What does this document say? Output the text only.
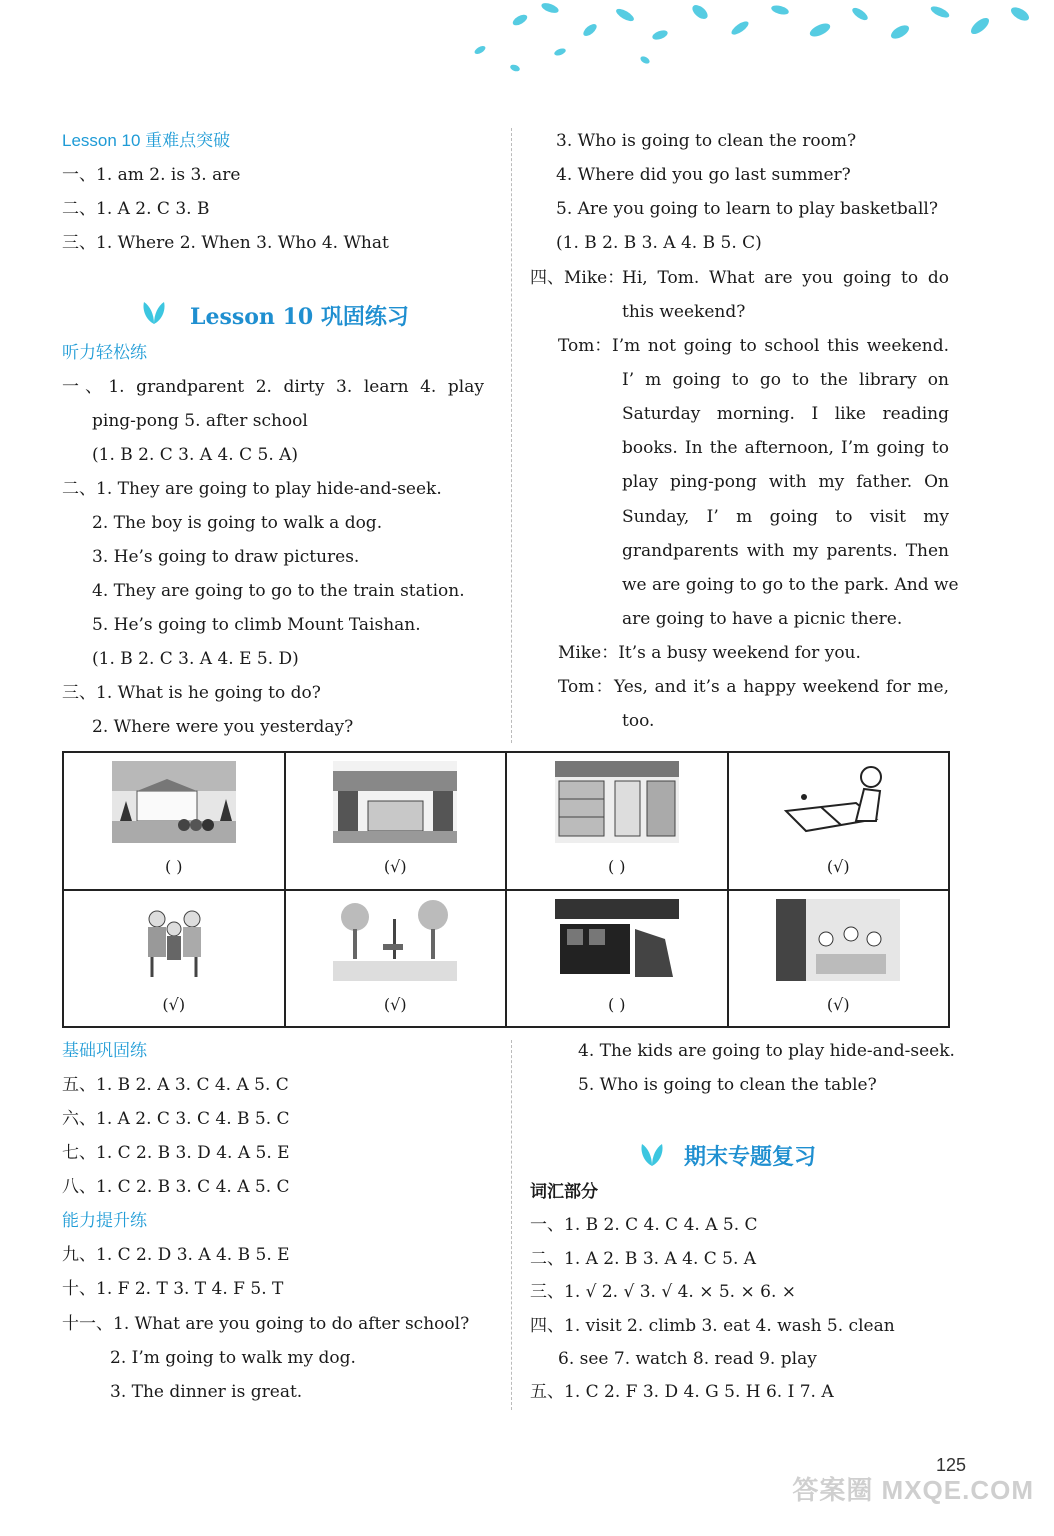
Lesson 10 重难点突破
一、1. am 2. is 3. are
二、1. A 2. C 3. B
三、1. Where 2. When 3. Who 4. What
Lesson 10 巩固练习
听力轻松练
一、1. grandparent 2. dirty 3. learn 4. play
ping-pong 5. after school
(1. B 2. C 3. A 4. C 5. A)
二、1. They are going to play hide-and-seek.
2. The boy is going to walk a dog.
3. He’s going to draw pictures.
4. They are going to go to the train station.
5. He’s going to climb Mount Taishan.
(1. B 2. C 3. A 4. E 5. D)
三、1. What is he going to do?
2. Where were you yesterday?
3. Who is going to clean the room?
4. Where did you go last summer?
5. Are you going to learn to play basketball?
(1. B 2. B 3. A 4. B 5. C)
四、Mike：
Hi, Tom. What are you going to do
this weekend?
Tom： I’m not going to school this weekend.
I’ m going to go to the library on
Saturday morning. I like reading
books. In the afternoon, I’m going to
play ping-pong with my father. On
Sunday, I’ m going to visit my
grandparents with my parents. Then
we are going to go to the park. And we
are going to have a picnic there.
Mike：It’s a busy weekend for you.
Tom：Yes, and it’s a happy weekend for me,
too.
( )	(√)	( )	(√)

(√)	(√)	( )	(√)
基础巩固练
五、1. B 2. A 3. C 4. A 5. C
六、1. A 2. C 3. C 4. B 5. C
七、1. C 2. B 3. D 4. A 5. E
八、1. C 2. B 3. C 4. A 5. C
能力提升练
九、1. C 2. D 3. A 4. B 5. E
十、1. F 2. T 3. T 4. F 5. T
十一、1. What are you going to do after school?
2. I’m going to walk my dog.
3. The dinner is great.
4. The kids are going to play hide-and-seek.
5. Who is going to clean the table?
期末专题复习
词汇部分
一、1. B 2. C 4. C 4. A 5. C
二、1. A 2. B 3. A 4. C 5. A
三、1. √ 2. √ 3. √ 4. × 5. × 6. ×
四、1. visit 2. climb 3. eat 4. wash 5. clean
6. see 7. watch 8. read 9. play
五、1. C 2. F 3. D 4. G 5. H 6. I 7. A
答案圈 MXQE.COM
125
